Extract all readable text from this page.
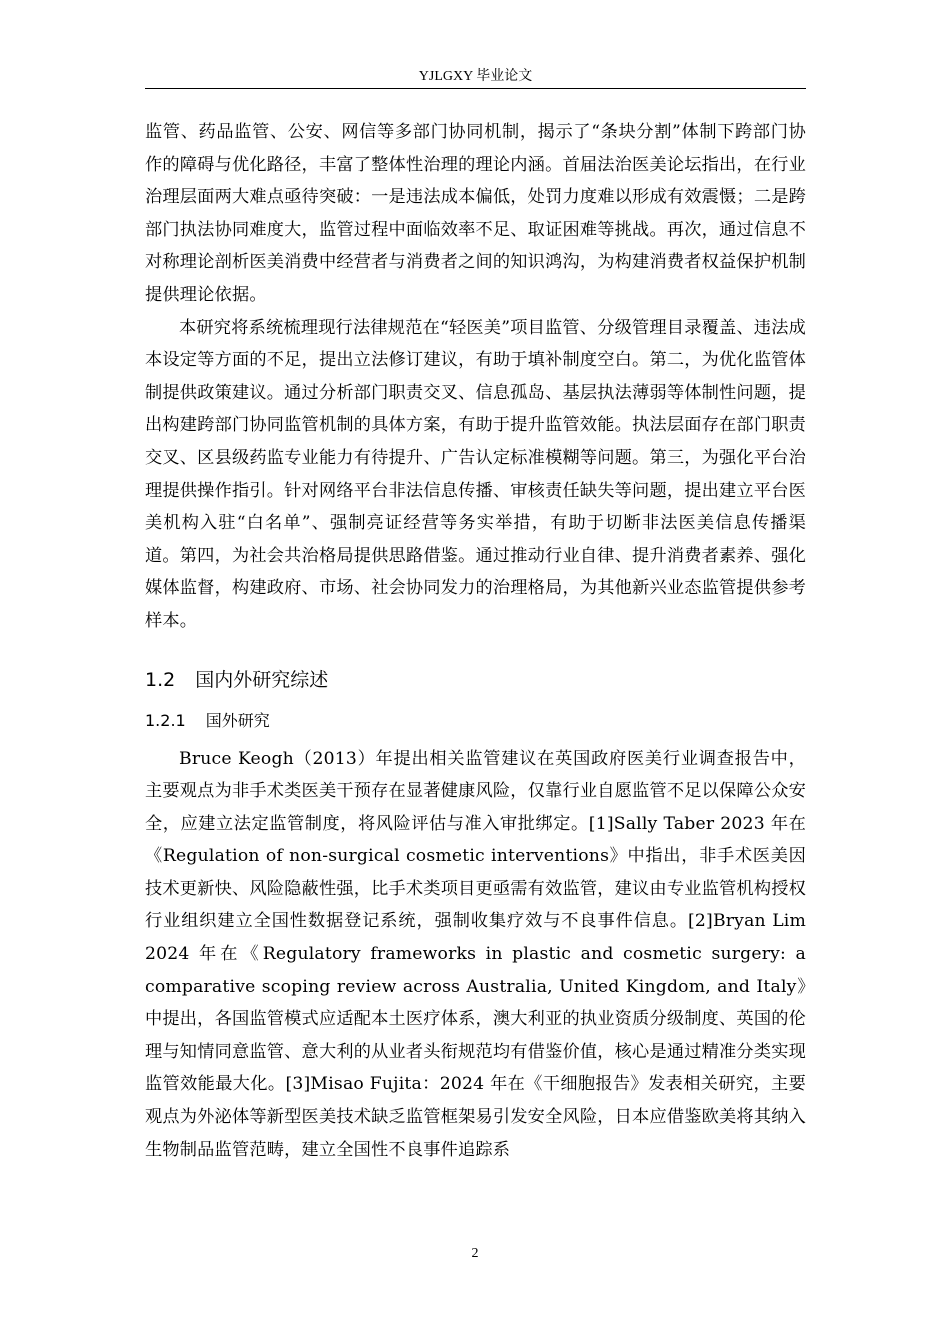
YJLGXY 毕业论文

监管、药品监管、公安、网信等多部门协同机制，揭示了“条块分割”体制下跨部门协作的障碍与优化路径，丰富了整体性治理的理论内涵。首届法治医美论坛指出，在行业治理层面两大难点亟待突破：一是违法成本偏低，处罚力度难以形成有效震慑；二是跨部门执法协同难度大，监管过程中面临效率不足、取证困难等挑战。再次，通过信息不对称理论剖析医美消费中经营者与消费者之间的知识鸿沟，为构建消费者权益保护机制提供理论依据。

本研究将系统梳理现行法律规范在“轻医美”项目监管、分级管理目录覆盖、违法成本设定等方面的不足，提出立法修订建议，有助于填补制度空白。第二，为优化监管体制提供政策建议。通过分析部门职责交叉、信息孤岛、基层执法薄弱等体制性问题，提出构建跨部门协同监管机制的具体方案，有助于提升监管效能。执法层面存在部门职责交叉、区县级药监专业能力有待提升、广告认定标准模糊等问题。第三，为强化平台治理提供操作指引。针对网络平台非法信息传播、审核责任缺失等问题，提出建立平台医美机构入驻“白名单”、强制亮证经营等务实举措，有助于切断非法医美信息传播渠道。第四，为社会共治格局提供思路借鉴。通过推动行业自律、提升消费者素养、强化媒体监督，构建政府、市场、社会协同发力的治理格局，为其他新兴业态监管提供参考样本。

1.2 国内外研究综述
1.2.1 国外研究

Bruce Keogh（2013）年提出相关监管建议在英国政府医美行业调查报告中，主要观点为非手术类医美干预存在显著健康风险，仅靠行业自愿监管不足以保障公众安全，应建立法定监管制度，将风险评估与准入审批绑定。[1]Sally Taber 2023 年在《Regulation of non-surgical cosmetic interventions》中指出，非手术医美因技术更新快、风险隐蔽性强，比手术类项目更亟需有效监管，建议由专业监管机构授权行业组织建立全国性数据登记系统，强制收集疗效与不良事件信息。[2]Bryan Lim 2024 年在《Regulatory frameworks in plastic and cosmetic surgery: a comparative scoping review across Australia, United Kingdom, and Italy》中提出，各国监管模式应适配本土医疗体系，澳大利亚的执业资质分级制度、英国的伦理与知情同意监管、意大利的从业者头衔规范均有借鉴价值，核心是通过精准分类实现监管效能最大化。[3]Misao Fujita：2024 年在《干细胞报告》发表相关研究，主要观点为外泌体等新型医美技术缺乏监管框架易引发安全风险，日本应借鉴欧美将其纳入生物制品监管范畴，建立全国性不良事件追踪系

2
